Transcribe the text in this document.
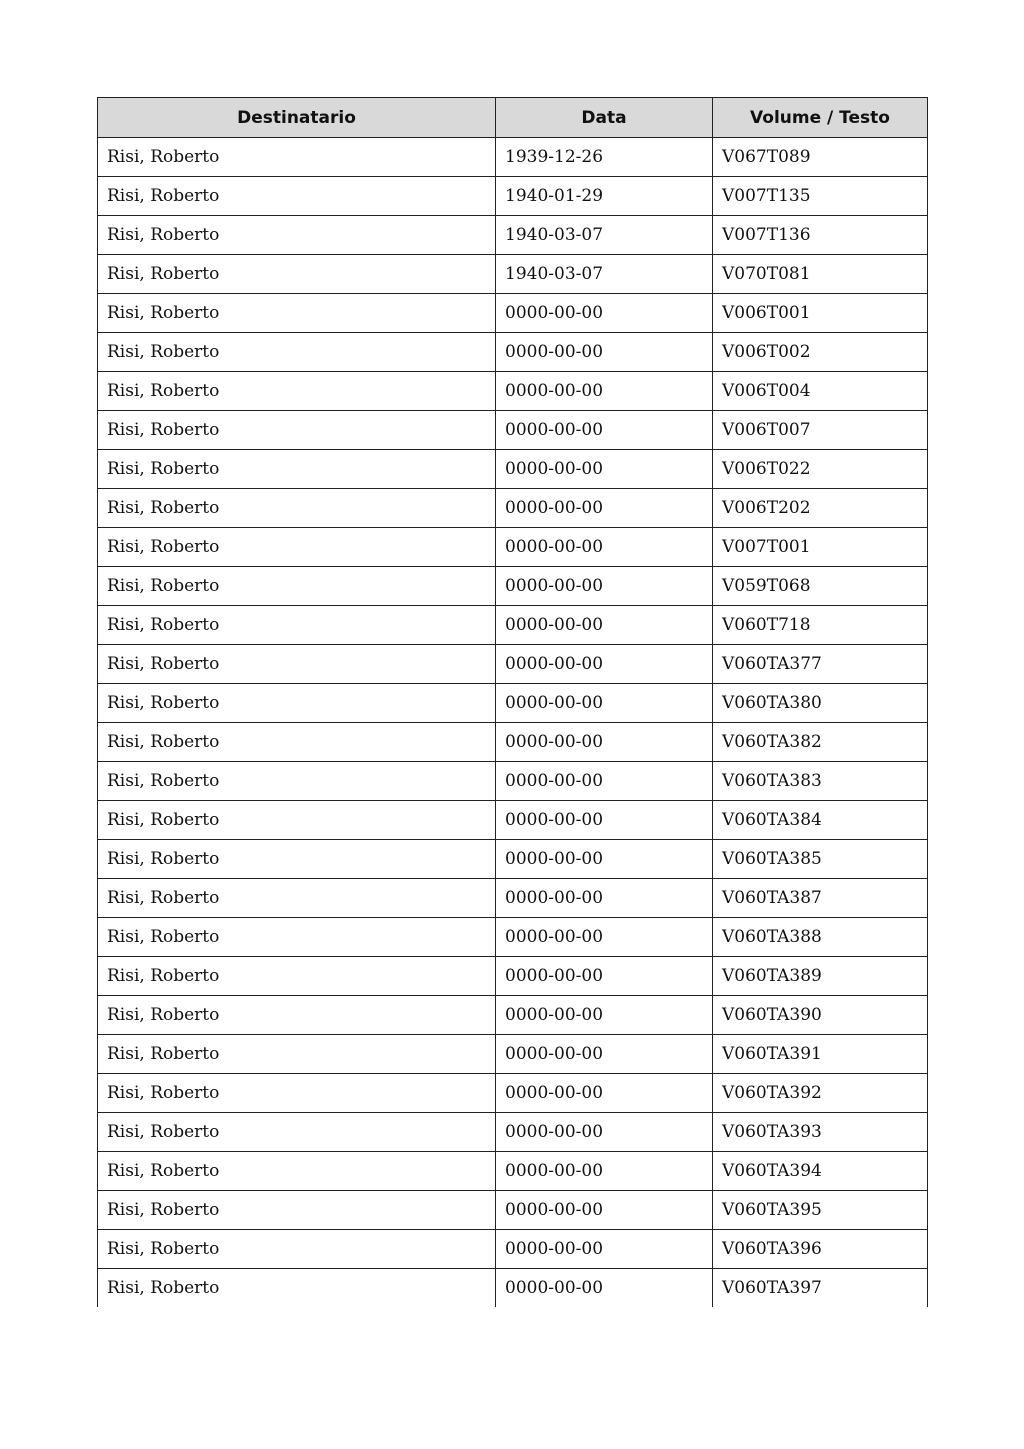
Destinatario	Data	Volume / Testo
Risi, Roberto	1939-12-26	V067T089
Risi, Roberto	1940-01-29	V007T135
Risi, Roberto	1940-03-07	V007T136
Risi, Roberto	1940-03-07	V070T081
Risi, Roberto	0000-00-00	V006T001
Risi, Roberto	0000-00-00	V006T002
Risi, Roberto	0000-00-00	V006T004
Risi, Roberto	0000-00-00	V006T007
Risi, Roberto	0000-00-00	V006T022
Risi, Roberto	0000-00-00	V006T202
Risi, Roberto	0000-00-00	V007T001
Risi, Roberto	0000-00-00	V059T068
Risi, Roberto	0000-00-00	V060T718
Risi, Roberto	0000-00-00	V060TA377
Risi, Roberto	0000-00-00	V060TA380
Risi, Roberto	0000-00-00	V060TA382
Risi, Roberto	0000-00-00	V060TA383
Risi, Roberto	0000-00-00	V060TA384
Risi, Roberto	0000-00-00	V060TA385
Risi, Roberto	0000-00-00	V060TA387
Risi, Roberto	0000-00-00	V060TA388
Risi, Roberto	0000-00-00	V060TA389
Risi, Roberto	0000-00-00	V060TA390
Risi, Roberto	0000-00-00	V060TA391
Risi, Roberto	0000-00-00	V060TA392
Risi, Roberto	0000-00-00	V060TA393
Risi, Roberto	0000-00-00	V060TA394
Risi, Roberto	0000-00-00	V060TA395
Risi, Roberto	0000-00-00	V060TA396
Risi, Roberto	0000-00-00	V060TA397
